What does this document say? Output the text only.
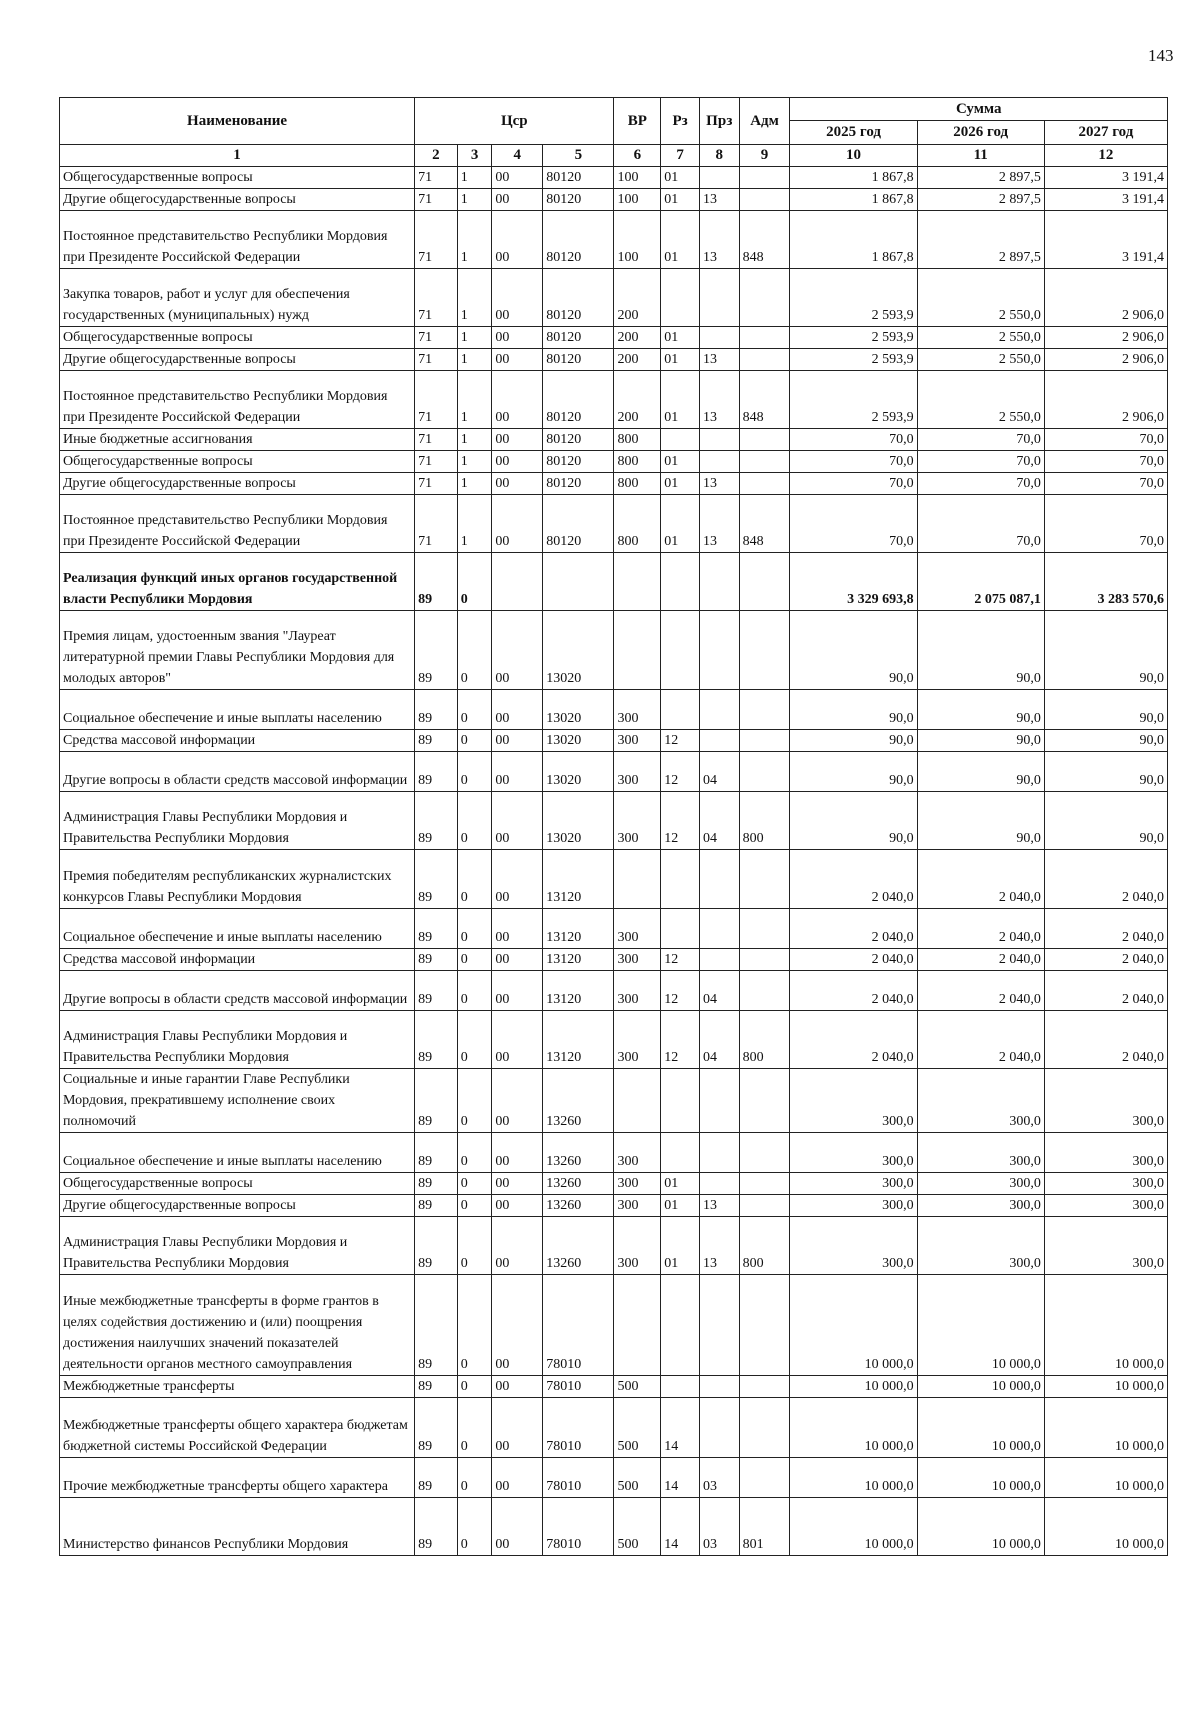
143
Наименование	Цср				ВР	Рз	Прз	Адм	Сумма		
									2025 год	2026 год	2027 год
1	2	3	4	5	6	7	8	9	10	11	12
Общегосударственные вопросы	71	1	00	80120	100	01			1 867,8	2 897,5	3 191,4
Другие общегосударственные вопросы	71	1	00	80120	100	01	13		1 867,8	2 897,5	3 191,4
Постоянное представительство Республики Мордовия при Президенте Российской Федерации	71	1	00	80120	100	01	13	848	1 867,8	2 897,5	3 191,4
Закупка товаров, работ и услуг для обеспечения государственных (муниципальных) нужд	71	1	00	80120	200				2 593,9	2 550,0	2 906,0
Общегосударственные вопросы	71	1	00	80120	200	01			2 593,9	2 550,0	2 906,0
Другие общегосударственные вопросы	71	1	00	80120	200	01	13		2 593,9	2 550,0	2 906,0
Постоянное представительство Республики Мордовия при Президенте Российской Федерации	71	1	00	80120	200	01	13	848	2 593,9	2 550,0	2 906,0
Иные бюджетные ассигнования	71	1	00	80120	800				70,0	70,0	70,0
Общегосударственные вопросы	71	1	00	80120	800	01			70,0	70,0	70,0
Другие общегосударственные вопросы	71	1	00	80120	800	01	13		70,0	70,0	70,0
Постоянное представительство Республики Мордовия при Президенте Российской Федерации	71	1	00	80120	800	01	13	848	70,0	70,0	70,0
Реализация функций иных органов государственной власти Республики Мордовия	89	0							3 329 693,8	2 075 087,1	3 283 570,6
Премия лицам, удостоенным звания "Лауреат литературной премии Главы Республики Мордовия для молодых авторов"	89	0	00	13020					90,0	90,0	90,0
Социальное обеспечение и иные выплаты населению	89	0	00	13020	300				90,0	90,0	90,0
Средства массовой информации	89	0	00	13020	300	12			90,0	90,0	90,0
Другие вопросы в области средств массовой информации	89	0	00	13020	300	12	04		90,0	90,0	90,0
Администрация Главы Республики Мордовия и Правительства Республики Мордовия	89	0	00	13020	300	12	04	800	90,0	90,0	90,0
Премия победителям республиканских журналистских конкурсов Главы Республики Мордовия	89	0	00	13120					2 040,0	2 040,0	2 040,0
Социальное обеспечение и иные выплаты населению	89	0	00	13120	300				2 040,0	2 040,0	2 040,0
Средства массовой информации	89	0	00	13120	300	12			2 040,0	2 040,0	2 040,0
Другие вопросы в области средств массовой информации	89	0	00	13120	300	12	04		2 040,0	2 040,0	2 040,0
Администрация Главы Республики Мордовия и Правительства Республики Мордовия	89	0	00	13120	300	12	04	800	2 040,0	2 040,0	2 040,0
Социальные и иные гарантии Главе Республики Мордовия, прекратившему исполнение своих полномочий	89	0	00	13260					300,0	300,0	300,0
Социальное обеспечение и иные выплаты населению	89	0	00	13260	300				300,0	300,0	300,0
Общегосударственные вопросы	89	0	00	13260	300	01			300,0	300,0	300,0
Другие общегосударственные вопросы	89	0	00	13260	300	01	13		300,0	300,0	300,0
Администрация Главы Республики Мордовия и Правительства Республики Мордовия	89	0	00	13260	300	01	13	800	300,0	300,0	300,0
Иные межбюджетные трансферты в форме грантов в целях содействия достижению и (или) поощрения достижения наилучших значений показателей деятельности органов местного самоуправления	89	0	00	78010					10 000,0	10 000,0	10 000,0
Межбюджетные трансферты	89	0	00	78010	500				10 000,0	10 000,0	10 000,0
Межбюджетные трансферты общего характера бюджетам бюджетной системы Российской Федерации	89	0	00	78010	500	14			10 000,0	10 000,0	10 000,0
Прочие межбюджетные трансферты общего характера	89	0	00	78010	500	14	03		10 000,0	10 000,0	10 000,0
Министерство финансов Республики Мордовия	89	0	00	78010	500	14	03	801	10 000,0	10 000,0	10 000,0
